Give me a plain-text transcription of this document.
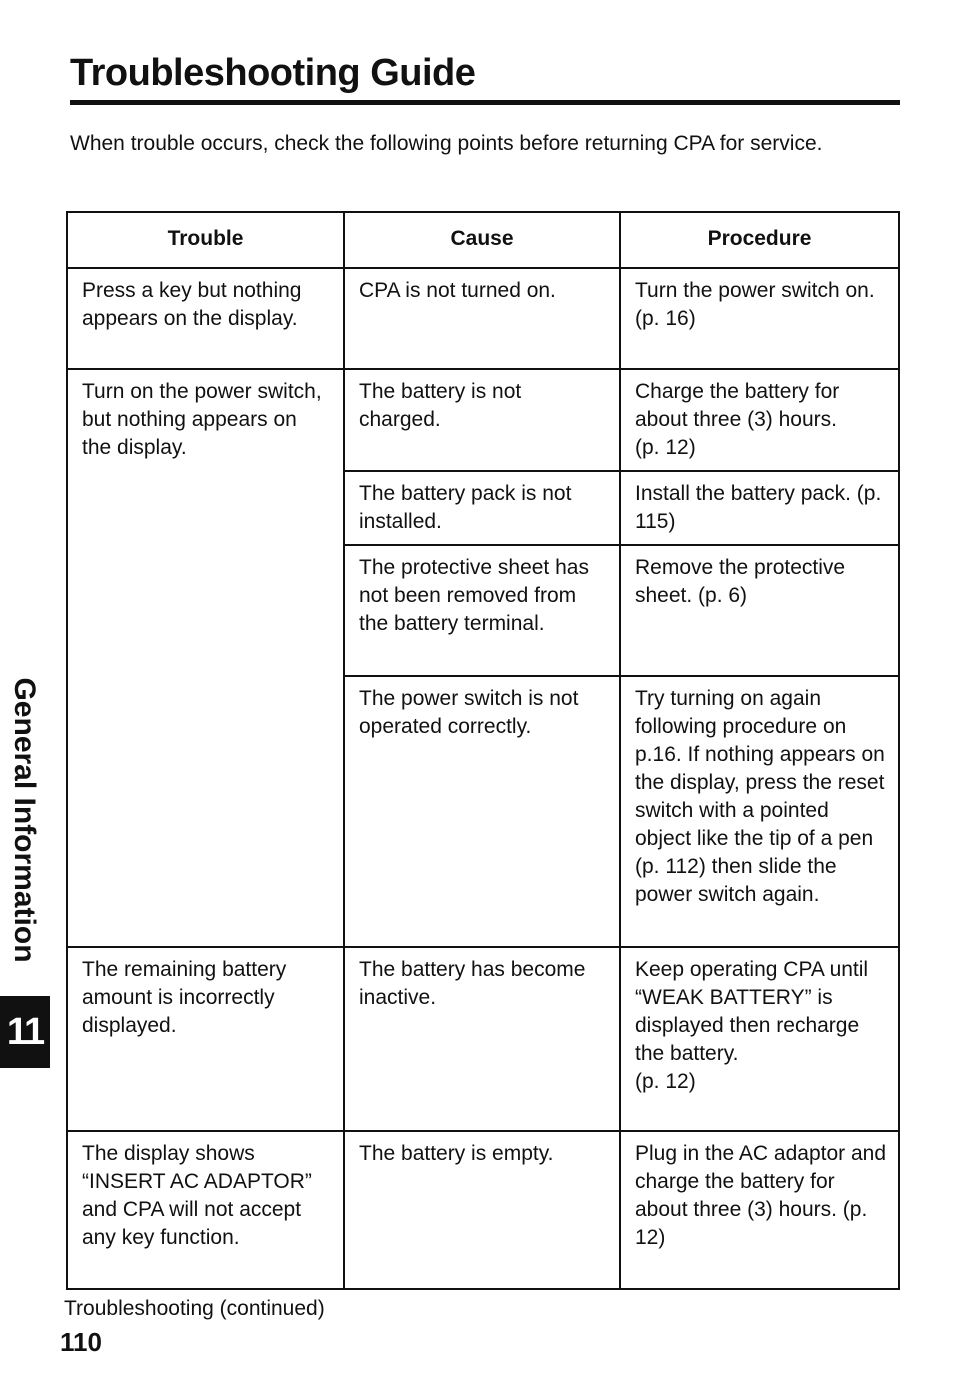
Troubleshooting Guide
When trouble occurs, check the following points before returning CPA for service.
Trouble	Cause	Procedure
Press a key but nothing appears on the display.	CPA is not turned on.	Turn the power switch on.
(p. 16)
Turn on the power switch, but nothing appears on the display.	The battery is not charged.	Charge the battery for about three (3) hours.
(p. 12)
	The battery pack is not installed.	Install the battery pack. (p. 115)
	The protective sheet has not been removed from the battery terminal.	Remove the protective sheet. (p. 6)
	The power switch is not operated correctly.	Try turning on again following procedure on p.16. If nothing appears on the display, press the reset switch with a pointed object like the tip of a pen
(p. 112) then slide the power switch again.
The remaining battery amount is incorrectly displayed.	The battery has become inactive.	Keep operating CPA until “WEAK BATTERY” is displayed then recharge the battery.
(p. 12)
The display shows “INSERT AC ADAPTOR” and CPA will not accept any key function.	The battery is empty.	Plug in the AC adaptor and charge the battery for about three (3) hours. (p. 12)
General Information
11
Troubleshooting (continued)
110
